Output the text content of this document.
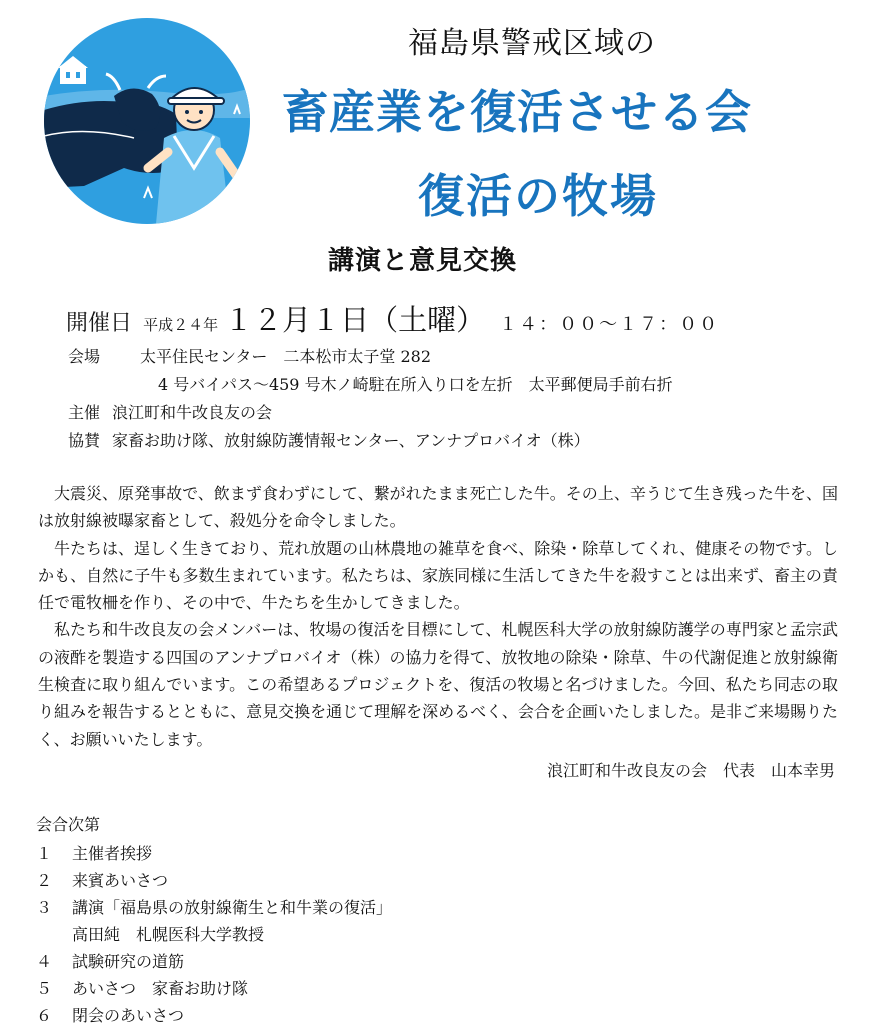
福島県警戒区域の
畜産業を復活させる会
復活の牧場
講演と意見交換
開催日 平成２４年 １２月１日（土曜） １４：００～１７：００
会場	太平住民センター　二本松市太子堂 282
4 号バイパス～459 号木ノ崎駐在所入り口を左折　太平郵便局手前右折
主催 浪江町和牛改良友の会
協賛 家畜お助け隊、放射線防護情報センター、アンナプロバイオ（株）

大震災、原発事故で、飲まず食わずにして、繋がれたまま死亡した牛。その上、辛うじて生き残った牛を、国は放射線被曝家畜として、殺処分を命令しました。

牛たちは、逞しく生きており、荒れ放題の山林農地の雑草を食べ、除染・除草してくれ、健康その物です。しかも、自然に子牛も多数生まれています。私たちは、家族同様に生活してきた牛を殺すことは出来ず、畜主の責任で電牧柵を作り、その中で、牛たちを生かしてきました。

私たち和牛改良友の会メンバーは、牧場の復活を目標にして、札幌医科大学の放射線防護学の専門家と孟宗武の液酢を製造する四国のアンナプロバイオ（株）の協力を得て、放牧地の除染・除草、牛の代謝促進と放射線衛生検査に取り組んでいます。この希望あるプロジェクトを、復活の牧場と名づけました。今回、私たち同志の取り組みを報告するとともに、意見交換を通じて理解を深めるべく、会合を企画いたしました。是非ご来場賜りたく、お願いいたします。

浪江町和牛改良友の会　代表　山本幸男
会合次第
１ 主催者挨拶
２ 来賓あいさつ
３ 講演「福島県の放射線衛生と和牛業の復活」
高田純　札幌医科大学教授
４ 試験研究の道筋
５ あいさつ　家畜お助け隊
６ 閉会のあいさつ
